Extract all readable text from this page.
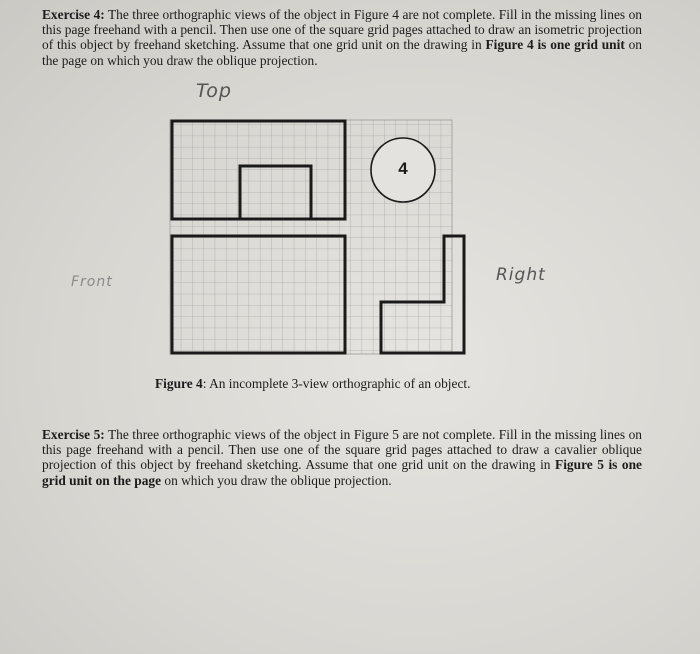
Exercise 4: The three orthographic views of the object in Figure 4 are not complete. Fill in the missing lines on this page freehand with a pencil. Then use one of the square grid pages attached to draw an isometric projection of this object by freehand sketching. Assume that one grid unit on the drawing in Figure 4 is one grid unit on the page on which you draw the oblique projection.
4
Top
Front	Right
Figure 4: An incomplete 3-view orthographic of an object.
Exercise 5: The three orthographic views of the object in Figure 5 are not complete. Fill in the missing lines on this page freehand with a pencil. Then use one of the square grid pages attached to draw a cavalier oblique projection of this object by freehand sketching. Assume that one grid unit on the drawing in Figure 5 is one grid unit on the page on which you draw the oblique projection.
